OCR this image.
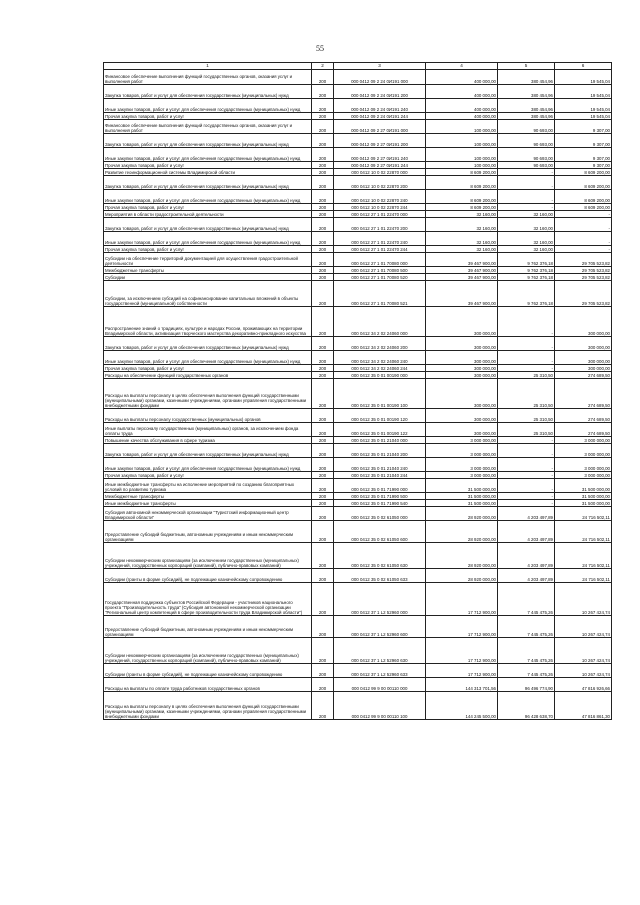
55
1	2	3	4	5	6
Финансовое обеспечение выполнения функций государственных органов, оказания услуг и выполнения работ	200	000 0412 09 2 24 0И191 000	400 000,00	380 454,96	19 545,04
Закупка товаров, работ и услуг для обеспечения государственных (муниципальных) нужд	200	000 0412 09 2 24 0И191 200	400 000,00	380 454,96	19 545,04
Иные закупки товаров, работ и услуг для обеспечения государственных (муниципальных) нужд	200	000 0412 09 2 24 0И191 240	400 000,00	380 454,96	19 545,04
Прочая закупка товаров, работ и услуг	200	000 0412 09 2 24 0И191 244	400 000,00	380 454,96	19 545,04
Финансовое обеспечение выполнения функций государственных органов, оказания услуг и выполнения работ	200	000 0412 09 2 27 0И191 000	100 000,00	90 693,00	9 307,00
Закупка товаров, работ и услуг для обеспечения государственных (муниципальных) нужд	200	000 0412 09 2 27 0И191 200	100 000,00	90 693,00	9 307,00
Иные закупки товаров, работ и услуг для обеспечения государственных (муниципальных) нужд	200	000 0412 09 2 27 0И191 240	100 000,00	90 693,00	9 307,00
Прочая закупка товаров, работ и услуг	200	000 0412 09 2 27 0И191 244	100 000,00	90 693,00	9 307,00
Развитие геоинформационной системы Владимирской области	200	000 0412 10 0 02 22870 000	8 609 200,00	-	8 609 200,00
Закупка товаров, работ и услуг для обеспечения государственных (муниципальных) нужд	200	000 0412 10 0 02 22870 200	8 609 200,00	-	8 609 200,00
Иные закупки товаров, работ и услуг для обеспечения государственных (муниципальных) нужд	200	000 0412 10 0 02 22870 240	8 609 200,00	-	8 609 200,00
Прочая закупка товаров, работ и услуг	200	000 0412 10 0 02 22870 244	8 609 200,00	-	8 609 200,00
Мероприятия в области градостроительной деятельности	200	000 0412 27 1 01 22470 000	32 160,00	32 160,00	-
Закупка товаров, работ и услуг для обеспечения государственных (муниципальных) нужд	200	000 0412 27 1 01 22470 200	32 160,00	32 160,00	-
Иные закупки товаров, работ и услуг для обеспечения государственных (муниципальных) нужд	200	000 0412 27 1 01 22470 240	32 160,00	32 160,00	-
Прочая закупка товаров, работ и услуг	200	000 0412 27 1 01 22470 244	32 160,00	32 160,00	-
Субсидии на обеспечение территорий документацией для осуществления градостроительной деятельности	200	000 0412 27 1 01 70080 000	39 467 900,00	9 762 376,18	29 705 523,82
Межбюджетные трансферты	200	000 0412 27 1 01 70080 500	39 467 900,00	9 762 376,18	29 705 523,82
Субсидии	200	000 0412 27 1 01 70080 520	39 467 900,00	9 762 376,18	29 705 523,82
Субсидии, за исключением субсидий на софинансирование капитальных вложений в объекты государственной (муниципальной) собственности	200	000 0412 27 1 01 70080 521	39 467 900,00	9 762 376,18	29 705 523,82
Распространение знаний о традициях, культуре и народах России, проживающих на территории Владимирской области, активизация творческого мастерства декоративно-прикладного искусства	200	000 0412 34 2 02 24060 000	300 000,00	-	300 000,00
Закупка товаров, работ и услуг для обеспечения государственных (муниципальных) нужд	200	000 0412 34 2 02 24060 200	300 000,00	-	300 000,00
Иные закупки товаров, работ и услуг для обеспечения государственных (муниципальных) нужд	200	000 0412 34 2 02 24060 240	300 000,00	-	300 000,00
Прочая закупка товаров, работ и услуг	200	000 0412 34 2 02 24060 244	300 000,00	-	300 000,00
Расходы на обеспечение функций государственных органов	200	000 0412 35 0 01 00190 000	300 000,00	25 310,50	274 689,50
Расходы на выплаты персоналу в целях обеспечения выполнения функций государственными (муниципальными) органами, казенными учреждениями, органами управления государственными внебюджетными фондами	200	000 0412 35 0 01 00190 100	300 000,00	25 310,50	274 689,50
Расходы на выплаты персоналу государственных (муниципальных) органов	200	000 0412 35 0 01 00190 120	300 000,00	25 310,50	274 689,50
Иные выплаты персоналу государственных (муниципальных) органов, за исключением фонда оплаты труда	200	000 0412 35 0 01 00190 122	300 000,00	25 310,50	274 689,50
Повышение качества обслуживания в сфере туризма	200	000 0412 35 0 01 21040 000	3 000 000,00	-	3 000 000,00
Закупка товаров, работ и услуг для обеспечения государственных (муниципальных) нужд	200	000 0412 35 0 01 21040 200	3 000 000,00	-	3 000 000,00
Иные закупки товаров, работ и услуг для обеспечения государственных (муниципальных) нужд	200	000 0412 35 0 01 21040 240	3 000 000,00	-	3 000 000,00
Прочая закупка товаров, работ и услуг	200	000 0412 35 0 01 21040 244	3 000 000,00	-	3 000 000,00
Иные межбюджетные трансферты на исполнение мероприятий по созданию благоприятных условий по развитию туризма	200	000 0412 35 0 01 71990 000	31 500 000,00	-	31 500 000,00
Межбюджетные трансферты	200	000 0412 35 0 01 71990 500	31 500 000,00	-	31 500 000,00
Иные межбюджетные трансферты	200	000 0412 35 0 01 71990 540	31 500 000,00	-	31 500 000,00
Субсидия автономной некоммерческой организации "Туристский информационный центр Владимирской области"	200	000 0412 35 0 02 61050 000	28 920 000,00	4 203 497,89	24 716 502,11
Предоставление субсидий бюджетным, автономным учреждениям и иным некоммерческим организациям	200	000 0412 35 0 02 61050 600	28 920 000,00	4 203 497,89	24 716 502,11
Субсидии некоммерческим организациям (за исключением государственных (муниципальных) учреждений, государственных корпораций (компаний), публично-правовых компаний)	200	000 0412 35 0 02 61050 630	28 920 000,00	4 203 497,89	24 716 502,11
Субсидии (гранты в форме субсидий), не подлежащие казначейскому сопровождению	200	000 0412 35 0 02 61050 633	28 920 000,00	4 203 497,89	24 716 502,11
Государственная поддержка субъектов Российской Федерации - участников национального проекта "Производительность труда" (Субсидия автономной некоммерческой организации "Региональный центр компетенций в сфере производительности труда Владимирской области")	200	000 0412 37 1 L2 52960 000	17 712 900,00	7 445 475,26	10 267 424,74
Предоставление субсидий бюджетным, автономным учреждениям и иным некоммерческим организациям	200	000 0412 37 1 L2 52960 600	17 712 900,00	7 445 475,26	10 267 424,74
Субсидии некоммерческим организациям (за исключением государственных (муниципальных) учреждений, государственных корпораций (компаний), публично-правовых компаний)	200	000 0412 37 1 L2 52960 630	17 712 900,00	7 445 475,26	10 267 424,74
Субсидии (гранты в форме субсидий), не подлежащие казначейскому сопровождению	200	000 0412 37 1 L2 52960 633	17 712 900,00	7 445 475,26	10 267 424,74
Расходы на выплаты по оплате труда работников государственных органов	200	000 0412 99 9 00 00110 000	144 313 701,56	96 496 774,90	47 816 926,66
Расходы на выплаты персоналу в целях обеспечения выполнения функций государственными (муниципальными) органами, казенными учреждениями, органами управления государственными внебюджетными фондами	200	000 0412 99 9 00 00110 100	144 245 500,00	96 428 638,70	47 816 861,30
